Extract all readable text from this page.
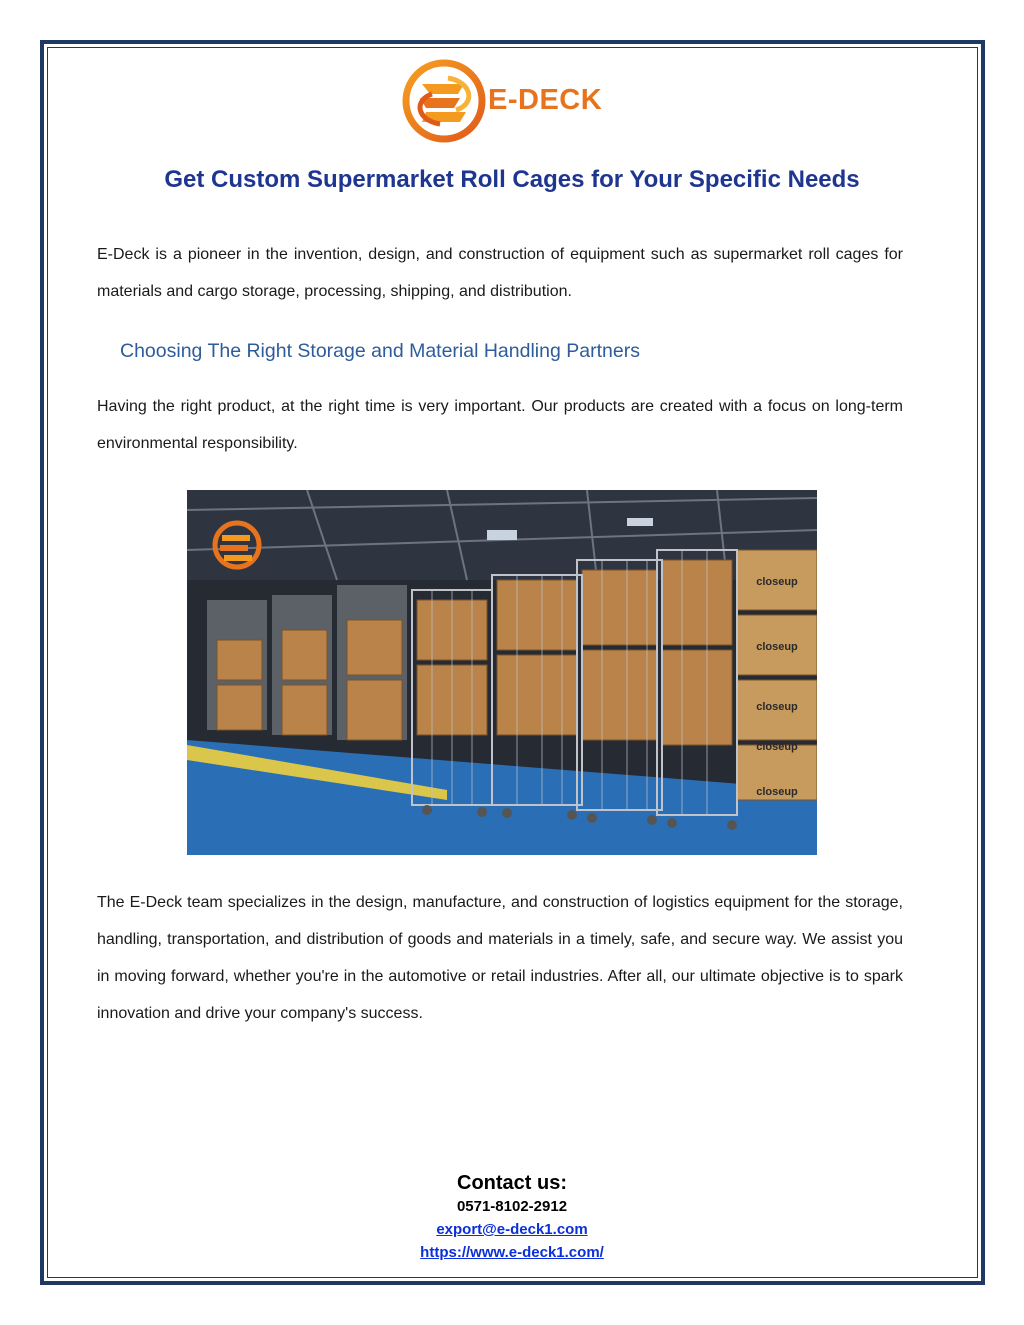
E-DECK
Get Custom Supermarket Roll Cages for Your Specific Needs

E-Deck is a pioneer in the invention, design, and construction of equipment such as supermarket roll cages for materials and cargo storage, processing, shipping, and distribution.

Choosing The Right Storage and Material Handling Partners

Having the right product, at the right time is very important. Our products are created with a focus on long-term environmental responsibility.

closeup
closeup
closeup
closeup
closeup

The E-Deck team specializes in the design, manufacture, and construction of logistics equipment for the storage, handling, transportation, and distribution of goods and materials in a timely, safe, and secure way. We assist you in moving forward, whether you're in the automotive or retail industries. After all, our ultimate objective is to spark innovation and drive your company's success.

Contact us:
0571-8102-2912
export@e-deck1.com
https://www.e-deck1.com/
